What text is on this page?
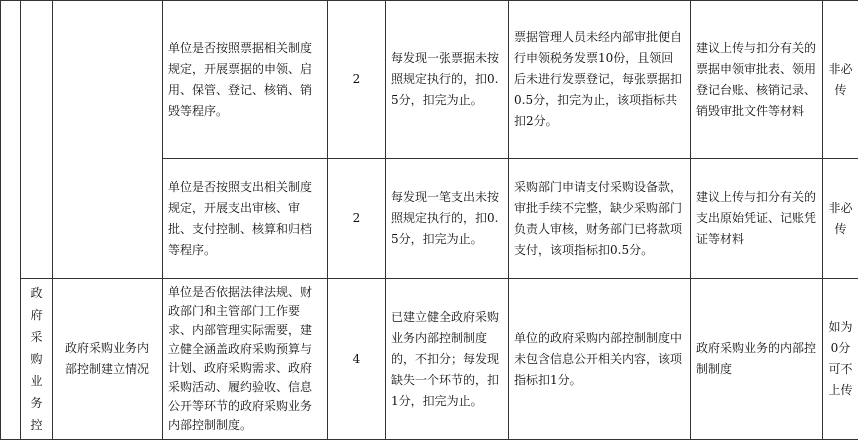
			单位是否按照票据相关制度规定，开展票据的申领、启用、保管、登记、核销、销毁等程序。	2	每发现一张票据未按照规定执行的，扣0.5分，扣完为止。	票据管理人员未经内部审批便自行申领税务发票10份，且领回后未进行发票登记，每张票据扣0.5分，扣完为止，该项指标共扣2分。	建议上传与扣分有关的票据申领审批表、领用登记台账、核销记录、销毁审批文件等材料	非必传
			单位是否按照支出相关制度规定，开展支出审核、审批、支付控制、核算和归档等程序。	2	每发现一笔支出未按照规定执行的，扣0.5分，扣完为止。	采购部门申请支付采购设备款，审批手续不完整，缺少采购部门负责人审核，财务部门已将款项支付，该项指标扣0.5分。	建议上传与扣分有关的支出原始凭证、记账凭证等材料	非必传
	政府采购业务控	政府采购业务内部控制建立情况	单位是否依据法律法规、财政部门和主管部门工作要求、内部管理实际需要，建立健全涵盖政府采购预算与计划、政府采购需求、政府采购活动、履约验收、信息公开等环节的政府采购业务内部控制制度。	4	已建立健全政府采购业务内部控制制度的，不扣分；每发现缺失一个环节的，扣1分，扣完为止。	单位的政府采购内部控制制度中未包含信息公开相关内容，该项指标扣1分。	政府采购业务的内部控制制度	如为0分可不上传
